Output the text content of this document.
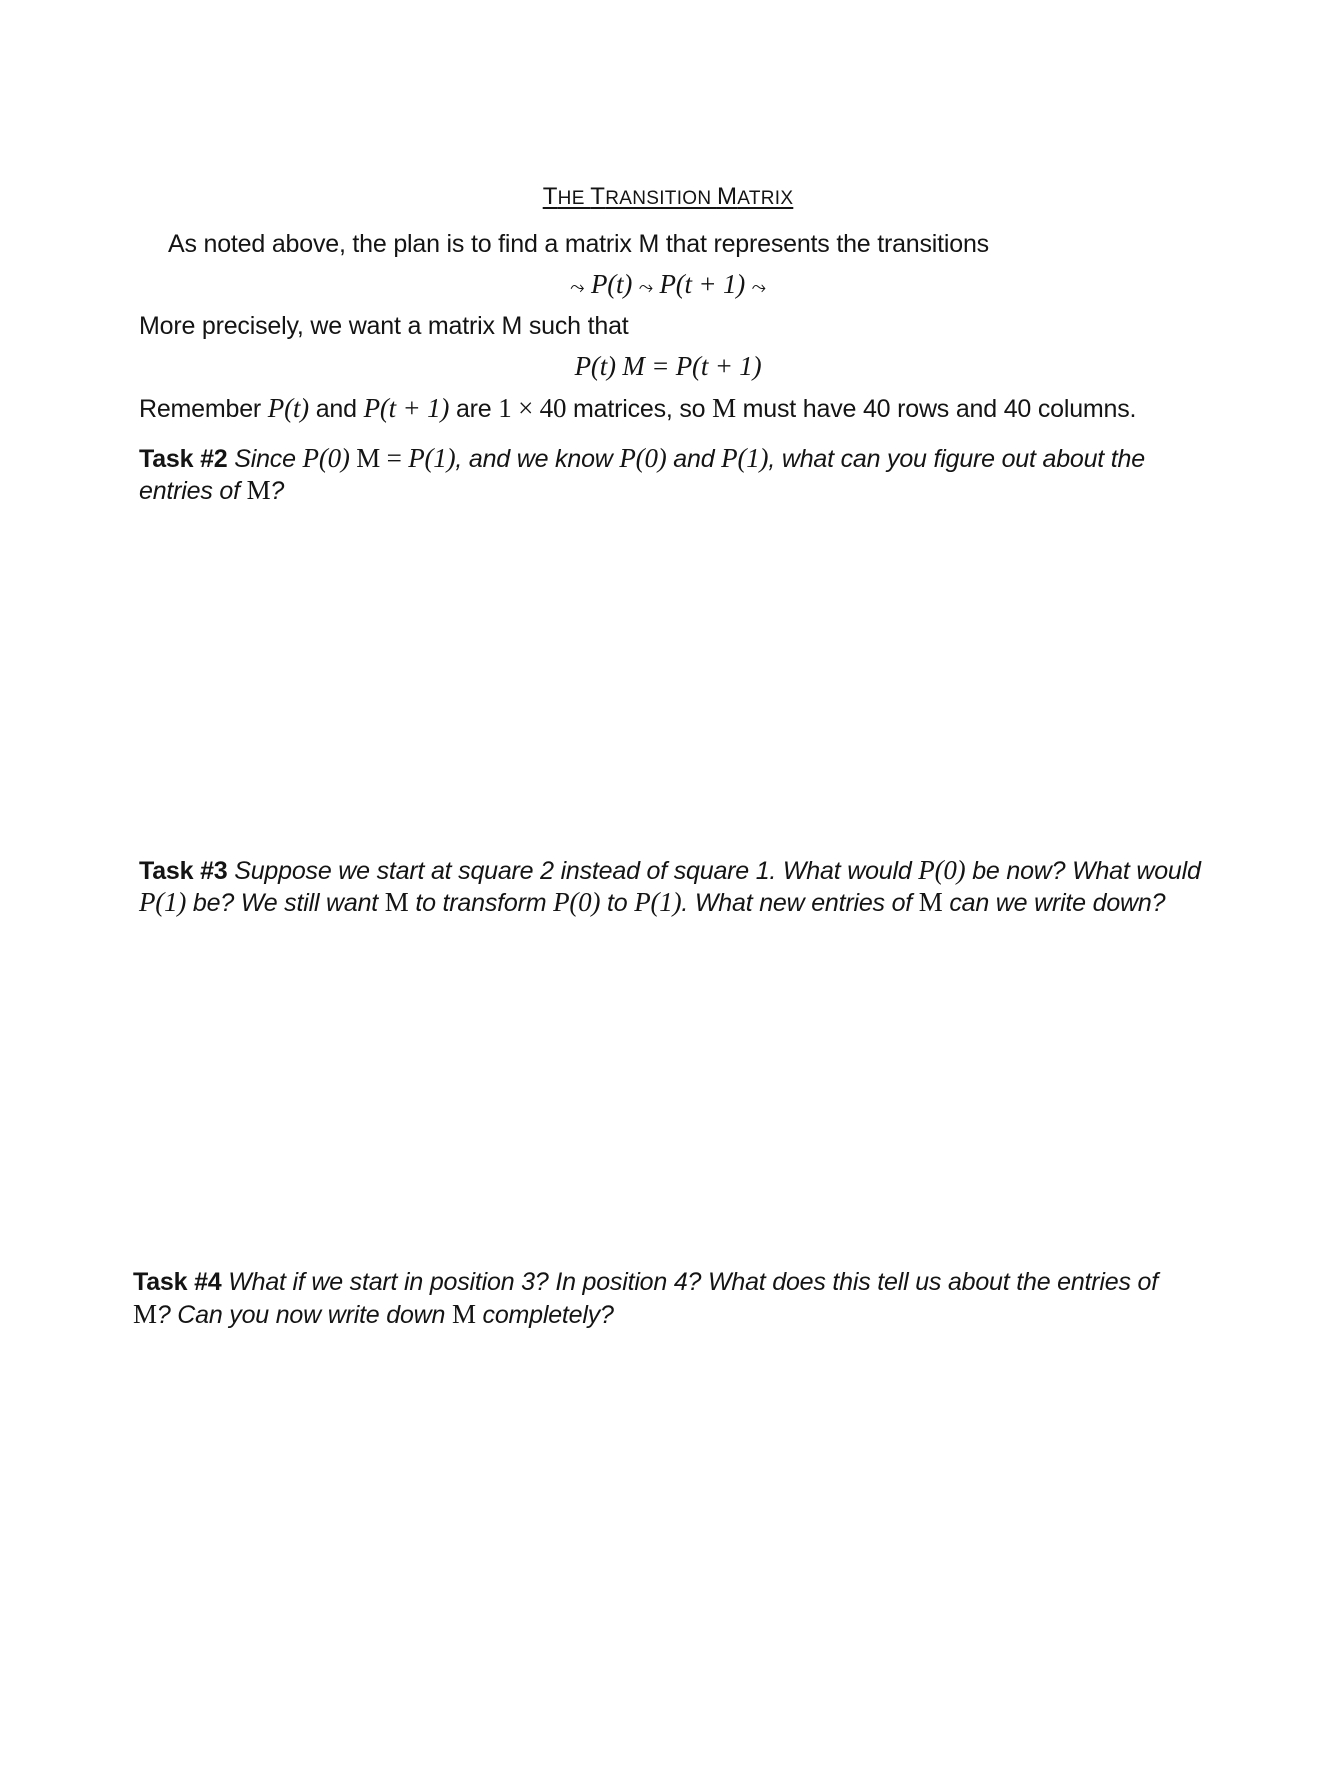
THE TRANSITION MATRIX
As noted above, the plan is to find a matrix M that represents the transitions
⤳ P(t) ⤳ P(t + 1) ⤳
More precisely, we want a matrix M such that
P(t) M = P(t + 1)
Remember P(t) and P(t + 1) are 1 × 40 matrices, so M must have 40 rows and 40 columns.
Task #2 Since P(0) M = P(1), and we know P(0) and P(1), what can you figure out about the
entries of M?
Task #3 Suppose we start at square 2 instead of square 1. What would P(0) be now? What would
P(1) be? We still want M to transform P(0) to P(1). What new entries of M can we write down?
Task #4 What if we start in position 3? In position 4? What does this tell us about the entries of
M? Can you now write down M completely?
